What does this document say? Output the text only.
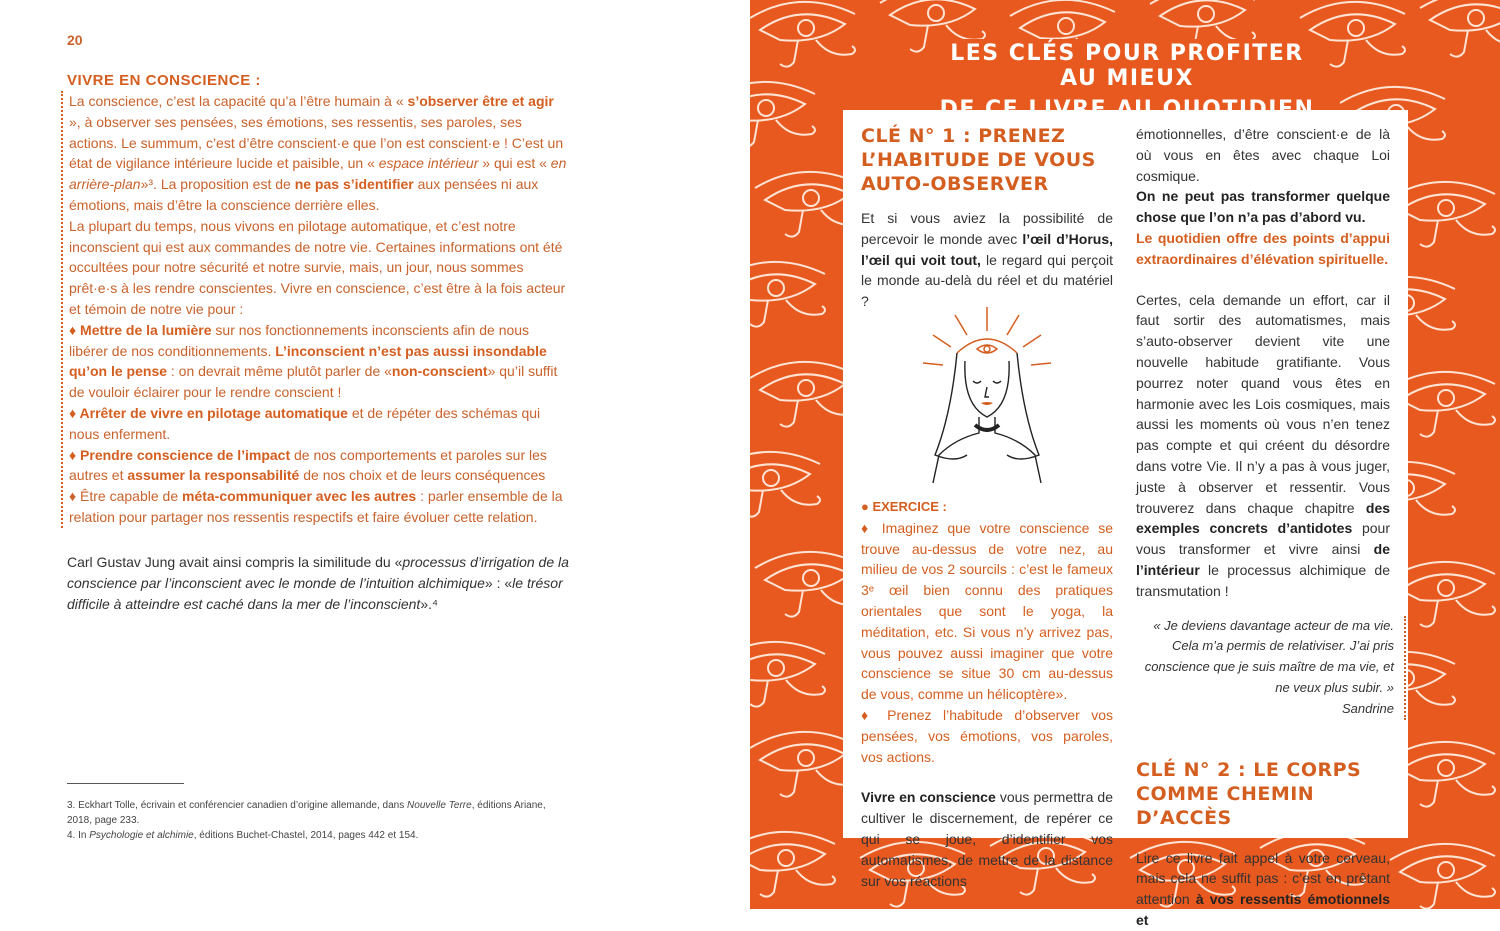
20
VIVRE EN CONSCIENCE :

La conscience, c’est la capacité qu’a l’être humain à « s’observer être et agir », à observer ses pensées, ses émotions, ses ressentis, ses paroles, ses actions. Le summum, c’est d’être conscient·e que l’on est conscient·e ! C’est un état de vigilance intérieure lucide et paisible, un « espace intérieur » qui est « en arrière-plan»³. La proposition est de ne pas s’identifier aux pensées ni aux émotions, mais d’être la conscience derrière elles.

La plupart du temps, nous vivons en pilotage automatique, et c’est notre inconscient qui est aux commandes de notre vie. Certaines informations ont été occultées pour notre sécurité et notre survie, mais, un jour, nous sommes prêt·e·s à les rendre conscientes. Vivre en conscience, c’est être à la fois acteur et témoin de notre vie pour :

♦ Mettre de la lumière sur nos fonctionnements inconscients afin de nous libérer de nos conditionnements. L’inconscient n’est pas aussi insondable qu’on le pense : on devrait même plutôt parler de «non-conscient» qu’il suffit de vouloir éclairer pour le rendre conscient !

♦ Arrêter de vivre en pilotage automatique et de répéter des schémas qui nous enferment.

♦ Prendre conscience de l’impact de nos comportements et paroles sur les autres et assumer la responsabilité de nos choix et de leurs conséquences

♦ Être capable de méta-communiquer avec les autres : parler ensemble de la relation pour partager nos ressentis respectifs et faire évoluer cette relation.

Carl Gustav Jung avait ainsi compris la similitude du «processus d’irrigation de la conscience par l’inconscient avec le monde de l’intuition alchimique» : «le trésor difficile à atteindre est caché dans la mer de l’inconscient».⁴

3. Eckhart Tolle, écrivain et conférencier canadien d’origine allemande, dans Nouvelle Terre, éditions Ariane, 2018, page 233.

4. In Psychologie et alchimie, éditions Buchet-Chastel, 2014, pages 442 et 154.

LES CLÉS POUR PROFITER AU MIEUX

CLÉ N° 1 : PRENEZ L’HABITUDE DE VOUS AUTO-OBSERVER

Et si vous aviez la possibilité de percevoir le monde avec l’œil d’Horus, l’œil qui voit tout, le regard qui perçoit le monde au-delà du réel et du matériel ?

● EXERCICE :

♦ Imaginez que votre conscience se trouve au-dessus de votre nez, au milieu de vos 2 sourcils : c’est le fameux 3ᵉ œil bien connu des pratiques orientales que sont le yoga, la méditation, etc. Si vous n’y arrivez pas, vous pouvez aussi imaginer que votre conscience se situe 30 cm au-dessus de vous, comme un hélicoptère».

♦ Prenez l’habitude d’observer vos pensées, vos émotions, vos paroles, vos actions.

Vivre en conscience vous permettra de cultiver le discernement, de repérer ce qui se joue, d’identifier vos automatismes, de mettre de la distance sur vos réactions

émotionnelles, d’être conscient·e de là où vous en êtes avec chaque Loi cosmique.

On ne peut pas transformer quelque chose que l’on n’a pas d’abord vu.

Le quotidien offre des points d’appui extraordinaires d’élévation spirituelle.

Certes, cela demande un effort, car il faut sortir des automatismes, mais s’auto-observer devient vite une nouvelle habitude gratifiante. Vous pourrez noter quand vous êtes en harmonie avec les Lois cosmiques, mais aussi les moments où vous n’en tenez pas compte et qui créent du désordre dans votre Vie. Il n’y a pas à vous juger, juste à observer et ressentir. Vous trouverez dans chaque chapitre des exemples concrets d’antidotes pour vous transformer et vivre ainsi de l’intérieur le processus alchimique de transmutation !

« Je deviens davantage acteur de ma vie. Cela m’a permis de relativiser. J’ai pris conscience que je suis maître de ma vie, et ne veux plus subir. »
Sandrine
CLÉ N° 2 : LE CORPS COMME CHEMIN D’ACCÈS

Lire ce livre fait appel à votre cerveau, mais cela ne suffit pas : c’est en prêtant attention à vos ressentis émotionnels et
